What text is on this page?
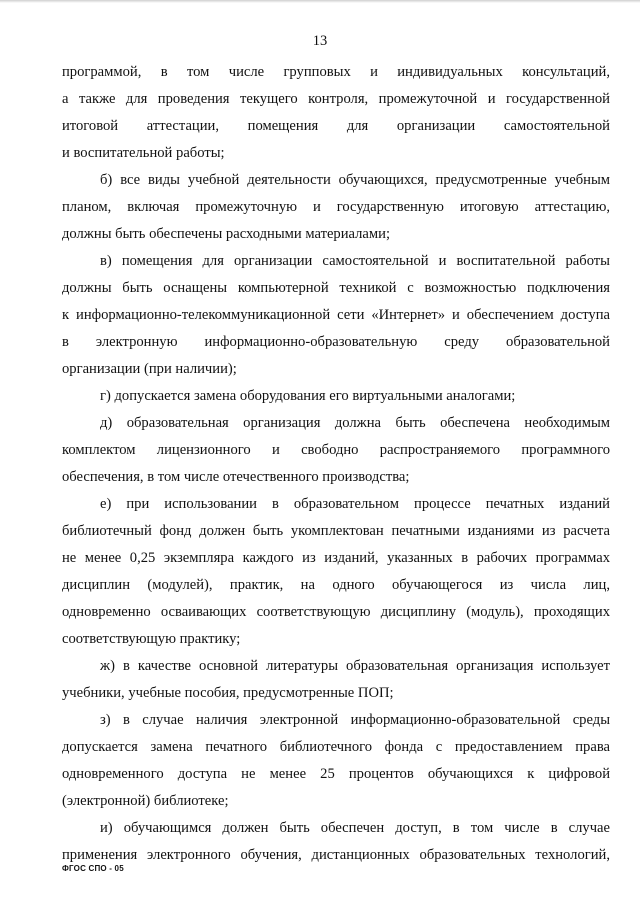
13
программой, в том числе групповых и индивидуальных консультаций,
а также для проведения текущего контроля, промежуточной и государственной
итоговой аттестации, помещения для организации самостоятельной
и воспитательной работы;
б) все виды учебной деятельности обучающихся, предусмотренные учебным
планом, включая промежуточную и государственную итоговую аттестацию,
должны быть обеспечены расходными материалами;
в) помещения для организации самостоятельной и воспитательной работы
должны быть оснащены компьютерной техникой с возможностью подключения
к информационно-телекоммуникационной сети «Интернет» и обеспечением доступа
в электронную информационно-образовательную среду образовательной
организации (при наличии);
г) допускается замена оборудования его виртуальными аналогами;
д) образовательная организация должна быть обеспечена необходимым
комплектом лицензионного и свободно распространяемого программного
обеспечения, в том числе отечественного производства;
е) при использовании в образовательном процессе печатных изданий
библиотечный фонд должен быть укомплектован печатными изданиями из расчета
не менее 0,25 экземпляра каждого из изданий, указанных в рабочих программах
дисциплин (модулей), практик, на одного обучающегося из числа лиц,
одновременно осваивающих соответствующую дисциплину (модуль), проходящих
соответствующую практику;
ж) в качестве основной литературы образовательная организация использует
учебники, учебные пособия, предусмотренные ПОП;
з) в случае наличия электронной информационно-образовательной среды
допускается замена печатного библиотечного фонда с предоставлением права
одновременного доступа не менее 25 процентов обучающихся к цифровой
(электронной) библиотеке;
и) обучающимся должен быть обеспечен доступ, в том числе в случае
применения электронного обучения, дистанционных образовательных технологий,
ФГОС СПО - 05
